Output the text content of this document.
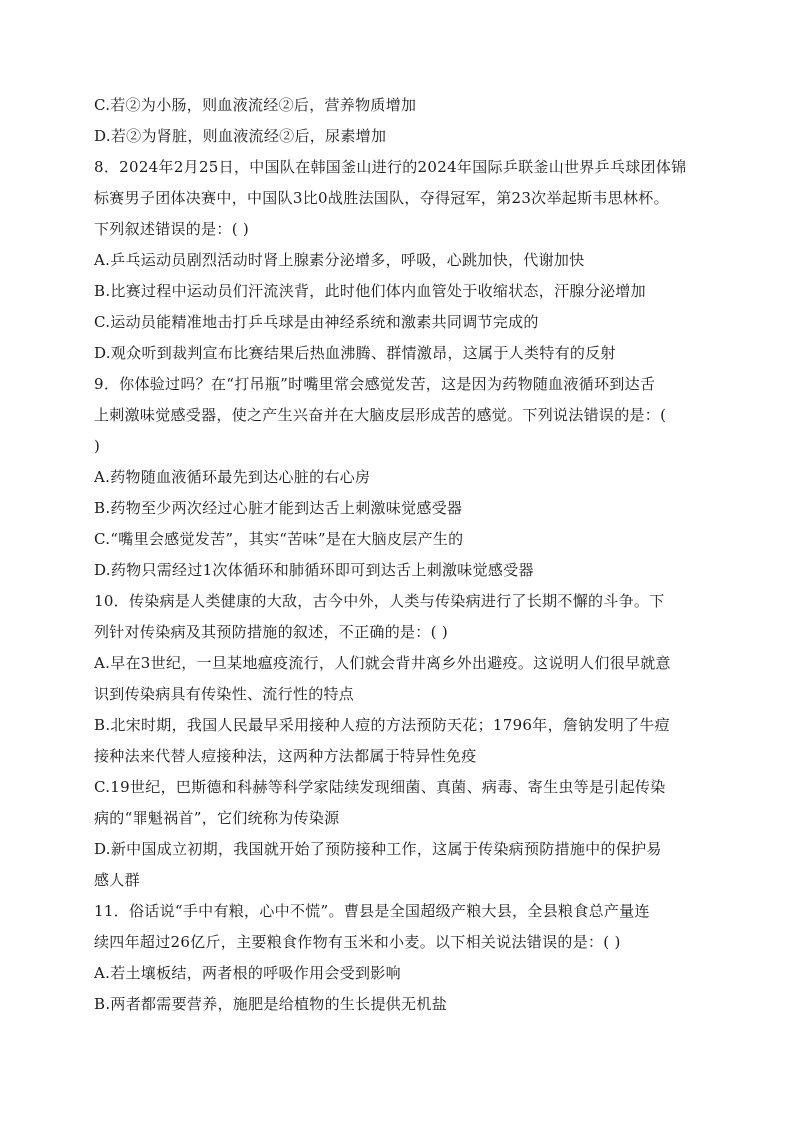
C.若②为小肠，则血液流经②后，营养物质增加
D.若②为肾脏，则血液流经②后，尿素增加
8．2024年2月25日，中国队在韩国釜山进行的2024年国际乒联釜山世界乒乓球团体锦
标赛男子团体决赛中，中国队3比0战胜法国队，夺得冠军，第23次举起斯韦思林杯。
下列叙述错误的是：( )
A.乒乓运动员剧烈活动时肾上腺素分泌增多，呼吸，心跳加快，代谢加快
B.比赛过程中运动员们汗流浃背，此时他们体内血管处于收缩状态，汗腺分泌增加
C.运动员能精准地击打乒乓球是由神经系统和激素共同调节完成的
D.观众听到裁判宣布比赛结果后热血沸腾、群情激昂，这属于人类特有的反射
9．你体验过吗？在“打吊瓶”时嘴里常会感觉发苦，这是因为药物随血液循环到达舌
上刺激味觉感受器，使之产生兴奋并在大脑皮层形成苦的感觉。下列说法错误的是：(
)
A.药物随血液循环最先到达心脏的右心房
B.药物至少两次经过心脏才能到达舌上刺激味觉感受器
C.“嘴里会感觉发苦”，其实“苦味”是在大脑皮层产生的
D.药物只需经过1次体循环和肺循环即可到达舌上刺激味觉感受器
10．传染病是人类健康的大敌，古今中外，人类与传染病进行了长期不懈的斗争。下
列针对传染病及其预防措施的叙述，不正确的是：( )
A.早在3世纪，一旦某地瘟疫流行，人们就会背井离乡外出避疫。这说明人们很早就意
识到传染病具有传染性、流行性的特点
B.北宋时期，我国人民最早采用接种人痘的方法预防天花；1796年，詹钠发明了牛痘
接种法来代替人痘接种法，这两种方法都属于特异性免疫
C.19世纪，巴斯德和科赫等科学家陆续发现细菌、真菌、病毒、寄生虫等是引起传染
病的“罪魁祸首”，它们统称为传染源
D.新中国成立初期，我国就开始了预防接种工作，这属于传染病预防措施中的保护易
感人群
11．俗话说“手中有粮，心中不慌”。曹县是全国超级产粮大县，全县粮食总产量连
续四年超过26亿斤，主要粮食作物有玉米和小麦。以下相关说法错误的是：( )
A.若土壤板结，两者根的呼吸作用会受到影响
B.两者都需要营养，施肥是给植物的生长提供无机盐
